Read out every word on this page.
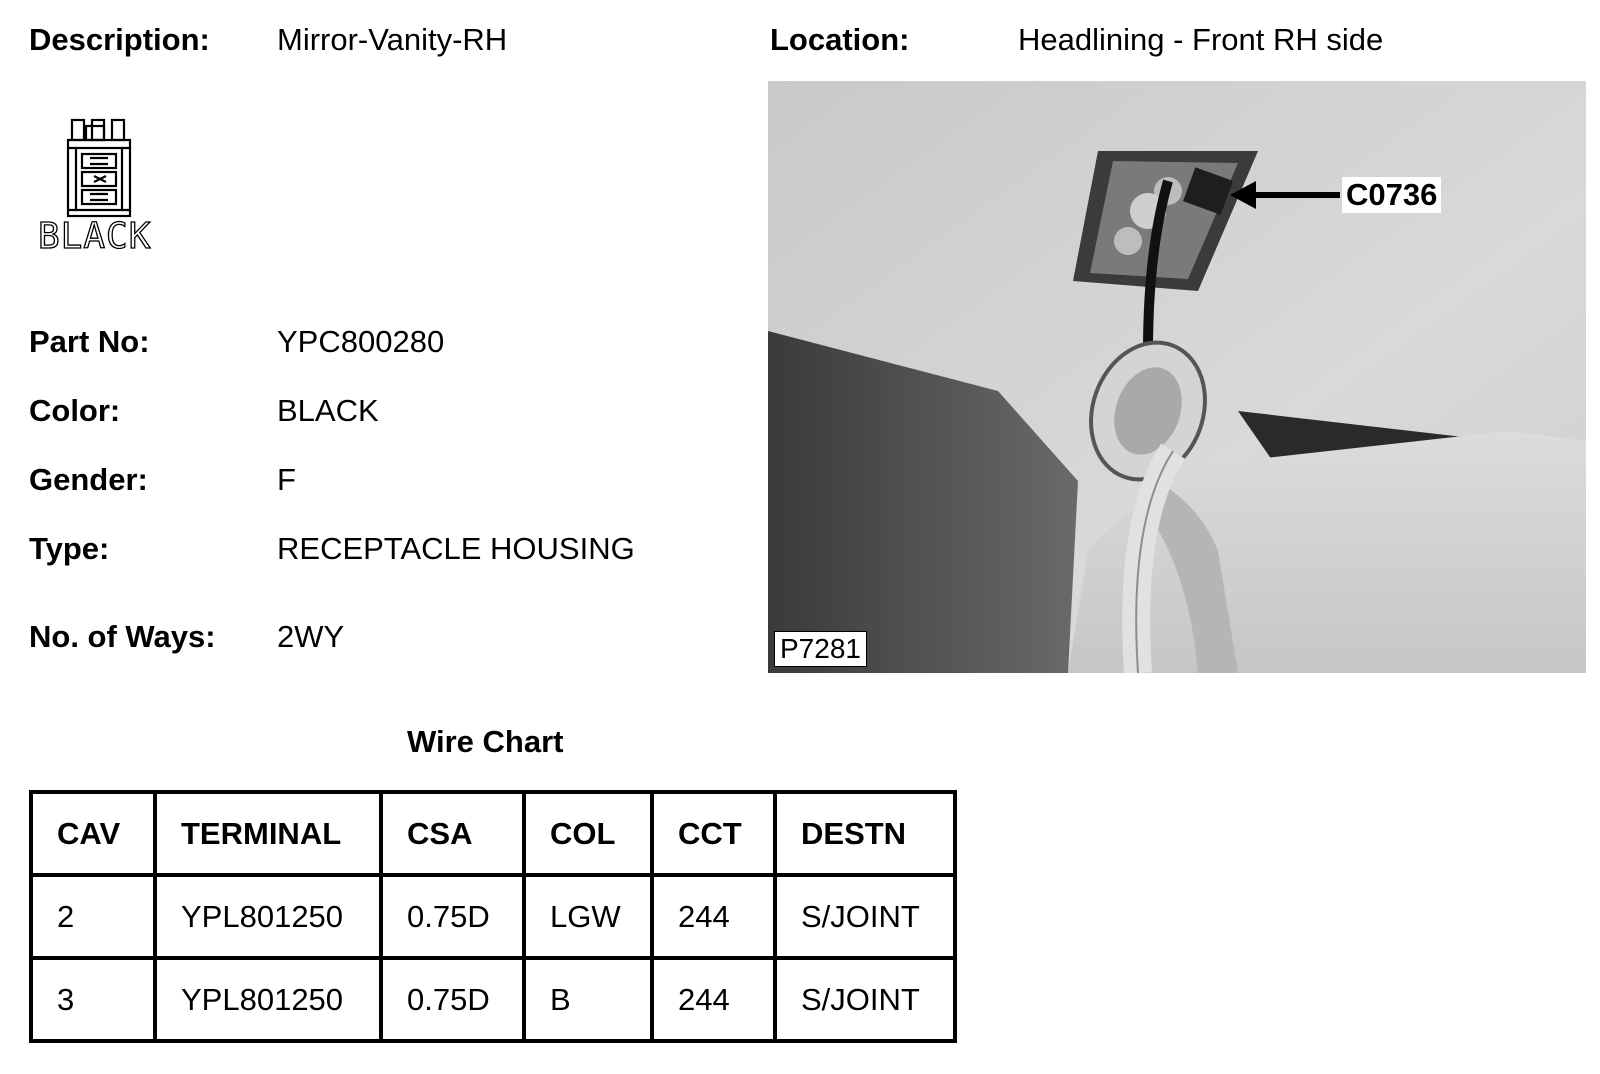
Description: Mirror-Vanity-RH	Location:	Headlining - Front RH side
BLACK
Part No:	YPC800280
Color:	BLACK
Gender:	F
Type:	RECEPTACLE HOUSING
No. of Ways: 2WY
C0736
P7281
Wire Chart
CAV	TERMINAL	CSA	COL	CCT	DESTN
2	YPL801250	0.75D	LGW	244	S/JOINT
3	YPL801250	0.75D	B	244	S/JOINT
